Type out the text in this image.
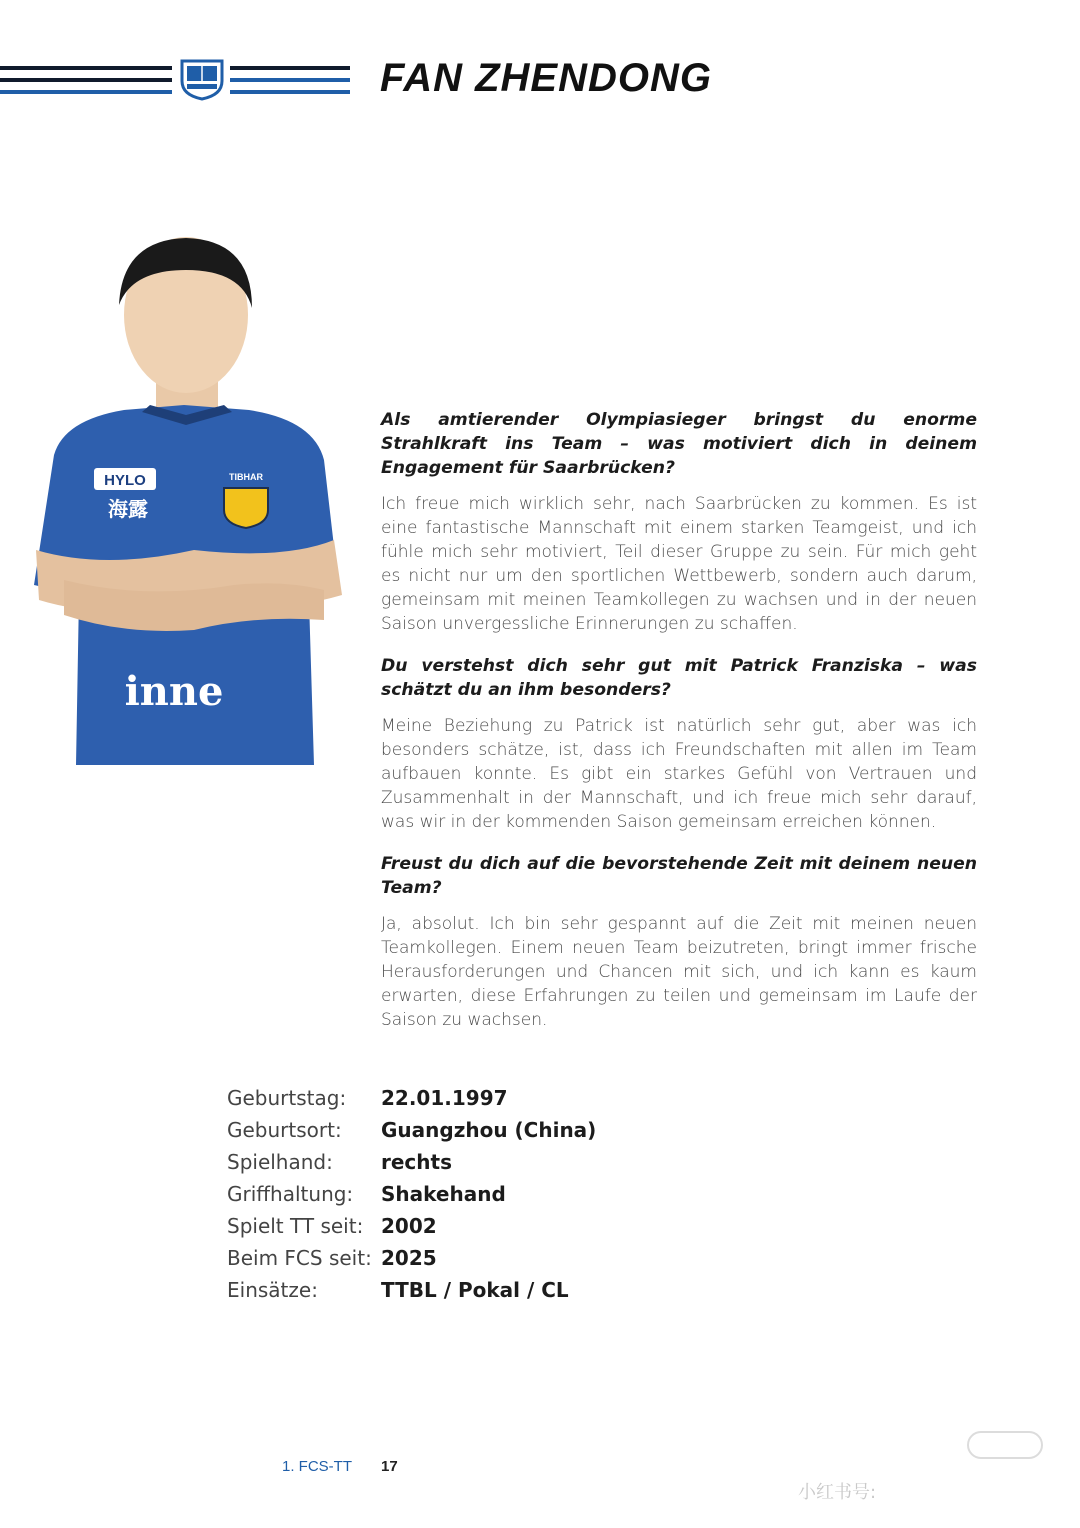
FAN ZHENDONG
HYLO
海露
TIBHAR
inne

Als amtierender Olympiasieger bringst du enorme Strahlkraft ins Team – was motiviert dich in deinem Engagement für Saarbrücken?

Ich freue mich wirklich sehr, nach Saarbrücken zu kommen. Es ist eine fantastische Mannschaft mit einem starken Teamgeist, und ich fühle mich sehr motiviert, Teil dieser Gruppe zu sein. Für mich geht es nicht nur um den sportlichen Wettbewerb, sondern auch darum, gemeinsam mit meinen Teamkollegen zu wachsen und in der neuen Saison unvergessliche Erinnerungen zu schaffen.

Du verstehst dich sehr gut mit Patrick Franziska – was schätzt du an ihm besonders?

Meine Beziehung zu Patrick ist natürlich sehr gut, aber was ich besonders schätze, ist, dass ich Freundschaften mit allen im Team aufbauen konnte. Es gibt ein starkes Gefühl von Vertrauen und Zusammenhalt in der Mannschaft, und ich freue mich sehr darauf, was wir in der kommenden Saison gemeinsam erreichen können.

Freust du dich auf die bevorstehende Zeit mit deinem neuen Team?

Ja, absolut. Ich bin sehr gespannt auf die Zeit mit meinen neuen Teamkollegen. Einem neuen Team beizutreten, bringt immer frische Herausforderungen und Chancen mit sich, und ich kann es kaum erwarten, diese Erfahrungen zu teilen und gemeinsam im Laufe der Saison zu wachsen.

Geburtstag:	22.01.1997
Geburtsort:	Guangzhou (China)
Spielhand:	rechts
Griffhaltung:	Shakehand
Spielt TT seit: 2002
Beim FCS seit: 2025
Einsätze:	TTBL / Pokal / CL
1. FCS-TT 17
小红书号:
